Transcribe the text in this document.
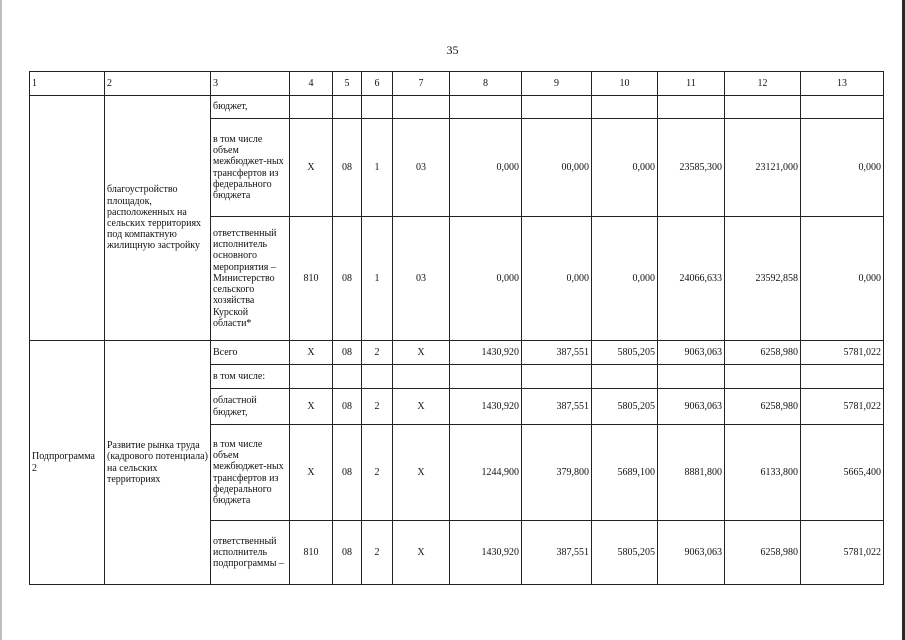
35
1	2	3	4	5	6	7	8	9	10	11	12	13
	благоустройство площадок, расположенных на сельских территориях под компактную жилищную застройку	бюджет,										
		в том числе объем межбюджет-ных трансфертов из федерального бюджета	Х	08	1	03	0,000	00,000	0,000	23585,300	23121,000	0,000
		ответственный исполнитель основного мероприятия – Министерство сельского хозяйства Курской области*	810	08	1	03	0,000	0,000	0,000	24066,633	23592,858	0,000
Подпрограмма 2	Развитие рынка труда (кадрового потенциала) на сельских территориях	Всего	Х	08	2	Х	1430,920	387,551	5805,205	9063,063	6258,980	5781,022
		в том числе:										
		областной бюджет,	Х	08	2	Х	1430,920	387,551	5805,205	9063,063	6258,980	5781,022
		в том числе объем межбюджет-ных трансфертов из федерального бюджета	Х	08	2	Х	1244,900	379,800	5689,100	8881,800	6133,800	5665,400
		ответственный исполнитель подпрограммы –	810	08	2	Х	1430,920	387,551	5805,205	9063,063	6258,980	5781,022
